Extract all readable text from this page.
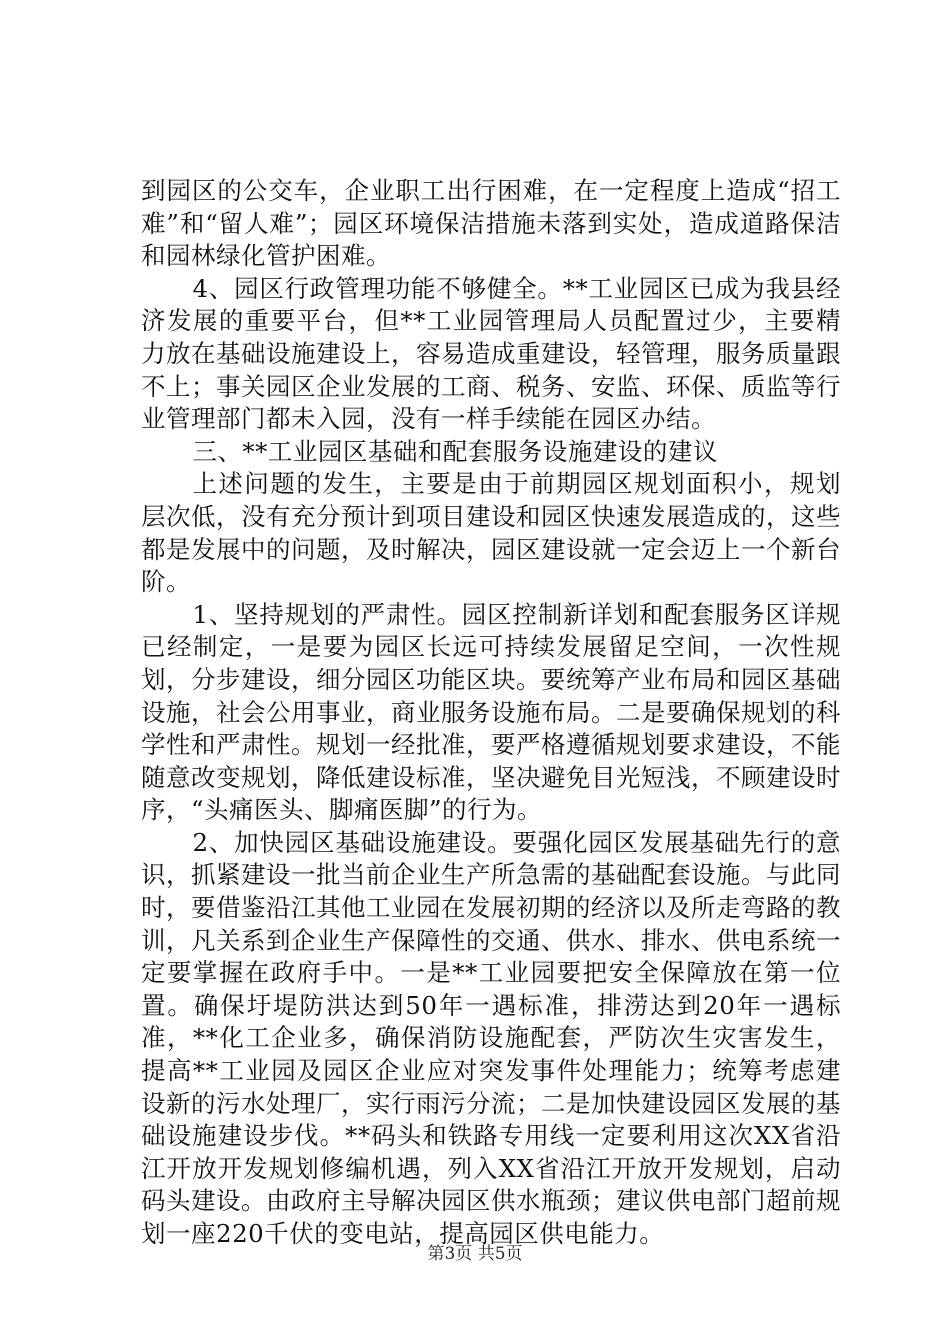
到园区的公交车，企业职工出行困难，在一定程度上造成“招工难”和“留人难”；园区环境保洁措施未落到实处，造成道路保洁和园林绿化管护困难。

4、园区行政管理功能不够健全。**工业园区已成为我县经济发展的重要平台，但**工业园管理局人员配置过少，主要精力放在基础设施建设上，容易造成重建设，轻管理，服务质量跟不上；事关园区企业发展的工商、税务、安监、环保、质监等行业管理部门都未入园，没有一样手续能在园区办结。

三、**工业园区基础和配套服务设施建设的建议

上述问题的发生，主要是由于前期园区规划面积小，规划层次低，没有充分预计到项目建设和园区快速发展造成的，这些都是发展中的问题，及时解决，园区建设就一定会迈上一个新台阶。

1、坚持规划的严肃性。园区控制新详划和配套服务区详规已经制定，一是要为园区长远可持续发展留足空间，一次性规划，分步建设，细分园区功能区块。要统筹产业布局和园区基础设施，社会公用事业，商业服务设施布局。二是要确保规划的科学性和严肃性。规划一经批准，要严格遵循规划要求建设，不能随意改变规划，降低建设标准，坚决避免目光短浅，不顾建设时序，“头痛医头、脚痛医脚”的行为。

2、加快园区基础设施建设。要强化园区发展基础先行的意识，抓紧建设一批当前企业生产所急需的基础配套设施。与此同时，要借鉴沿江其他工业园在发展初期的经济以及所走弯路的教训，凡关系到企业生产保障性的交通、供水、排水、供电系统一定要掌握在政府手中。一是**工业园要把安全保障放在第一位置。确保圩堤防洪达到50年一遇标准，排涝达到20年一遇标准，**化工企业多，确保消防设施配套，严防次生灾害发生，提高**工业园及园区企业应对突发事件处理能力；统筹考虑建设新的污水处理厂，实行雨污分流；二是加快建设园区发展的基础设施建设步伐。**码头和铁路专用线一定要利用这次XX省沿江开放开发规划修编机遇，列入XX省沿江开放开发规划，启动码头建设。由政府主导解决园区供水瓶颈；建议供电部门超前规划一座220千伏的变电站，提高园区供电能力。

第3页 共5页
